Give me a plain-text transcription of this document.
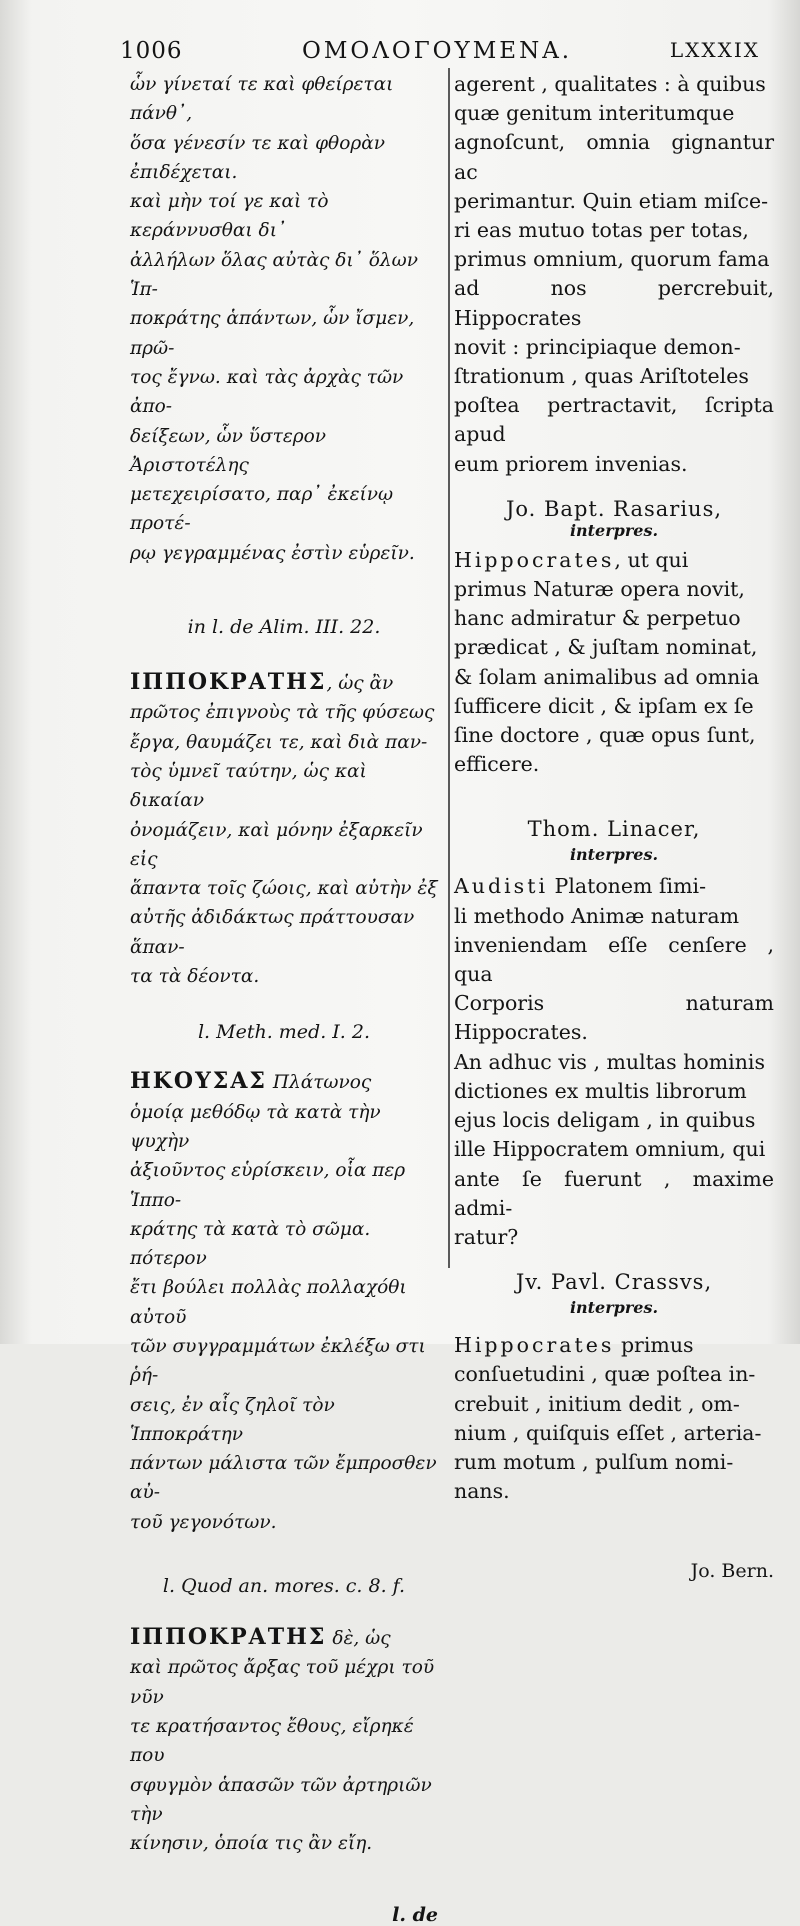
1006	ΟΜΟΛΟΓΟΥΜΕΝΑ.	LXXXIX

ὧν γίνεταί τε καὶ φθείρεται πάνθ᾽,

ὅσα γένεσίν τε καὶ φθορὰν ἐπιδέχεται.

καὶ μὴν τοί γε καὶ τὸ κεράννυσθαι δι᾽

ἀλλήλων ὅλας αὐτὰς δι᾽ ὅλων Ἱπ-

ποκράτης ἁπάντων, ὧν ἴσμεν, πρῶ-

τος ἔγνω. καὶ τὰς ἀρχὰς τῶν ἀπο-

δείξεων, ὧν ὕστερον Ἀριστοτέλης

μετεχειρίσατο, παρ᾽ ἐκείνῳ προτέ-

ρῳ γεγραμμένας ἐστὶν εὑρεῖν.

in l. de Alim. III. 22.

ΙΠΠΟΚΡΑΤΗΣ, ὡς ἂν

πρῶτος ἐπιγνοὺς τὰ τῆς φύσεως

ἔργα, θαυμάζει τε, καὶ διὰ παν-

τὸς ὑμνεῖ ταύτην, ὡς καὶ δικαίαν

ὀνομάζειν, καὶ μόνην ἐξαρκεῖν εἰς

ἅπαντα τοῖς ζώοις, καὶ αὐτὴν ἐξ

αὐτῆς ἀδιδάκτως πράττουσαν ἅπαν-

τα τὰ δέοντα.

l. Meth. med. I. 2.

ΗΚΟΥΣΑΣ Πλάτωνος

ὁμοίᾳ μεθόδῳ τὰ κατὰ τὴν ψυχὴν

ἀξιοῦντος εὑρίσκειν, οἷα περ Ἱππο-

κράτης τὰ κατὰ τὸ σῶμα. πότερον

ἔτι βούλει πολλὰς πολλαχόθι αὐτοῦ

τῶν συγγραμμάτων ἐκλέξω στι ῥή-

σεις, ἐν αἷς ζηλοῖ τὸν Ἱπποκράτην

πάντων μάλιστα τῶν ἔμπροσθεν αὐ-

τοῦ γεγονότων.

l. Quod an. mores. c. 8. f.

ΙΠΠΟΚΡΑΤΗΣ δὲ, ὡς

καὶ πρῶτος ἄρξας τοῦ μέχρι τοῦ νῦν

τε κρατήσαντος ἔθους, εἴρηκέ που

σφυγμὸν ἁπασῶν τῶν ἀρτηριῶν τὴν

κίνησιν, ὁποία τις ἂν εἴη.

l. de

agerent , qualitates : à quibus

quæ genitum interitumque

agnoſcunt, omnia gignantur ac

perimantur. Quin etiam miſce-

ri eas mutuo totas per totas,

primus omnium, quorum fama

ad nos percrebuit, Hippocrates

novit : principiaque demon-

ſtrationum , quas Ariſtoteles

poſtea pertractavit, ſcripta apud

eum priorem invenias.

Jo. Bapt. Rasarius,

interpres.

Hippocrates, ut qui

primus Naturæ opera novit,

hanc admiratur & perpetuo

prædicat , & juſtam nominat,

& ſolam animalibus ad omnia

ſufficere dicit , & ipſam ex ſe

ſine doctore , quæ opus ſunt,

efficere.

Thom. Linacer,

interpres.

Audisti Platonem ſimi-

li methodo Animæ naturam

inveniendam eſſe cenſere , qua

Corporis naturam Hippocrates.

An adhuc vis , multas hominis

dictiones ex multis librorum

ejus locis deligam , in quibus

ille Hippocratem omnium, qui

ante ſe fuerunt , maxime admi-

ratur?

Jv. Pavl. Crassvs,

interpres.

Hippocrates primus

conſuetudini , quæ poſtea in-

crebuit , initium dedit , om-

nium , quiſquis eſſet , arteria-

rum motum , pulſum nomi-

nans.

Jo. Bern.
